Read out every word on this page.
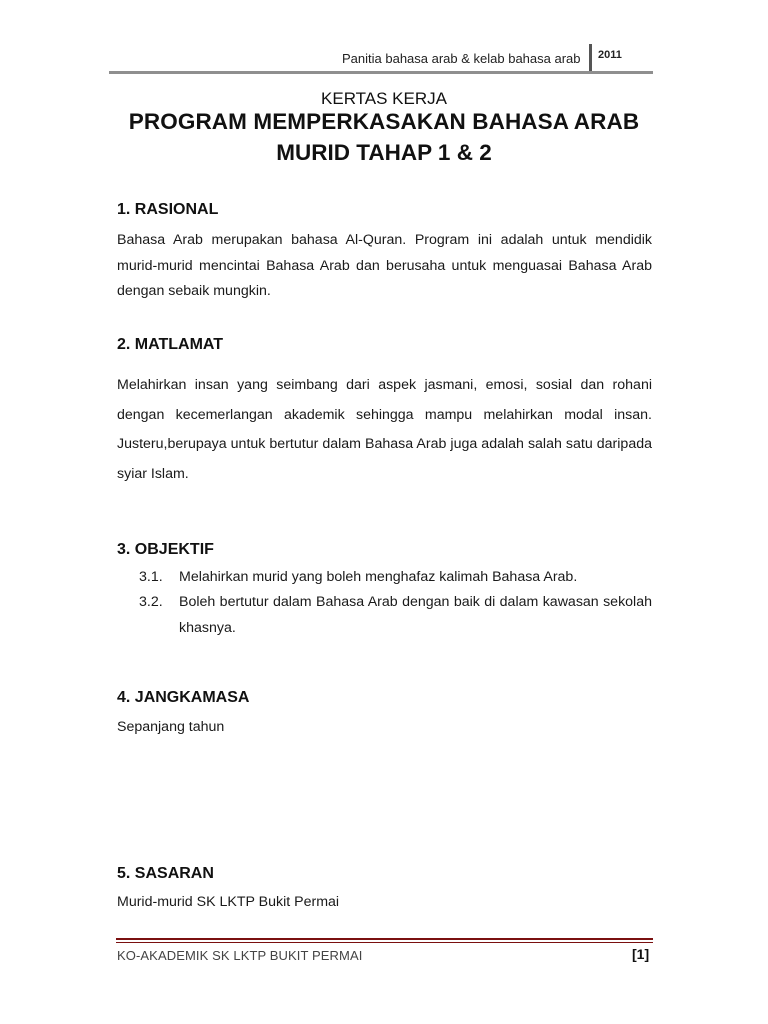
Panitia bahasa arab & kelab bahasa arab 2011
KERTAS KERJA
PROGRAM MEMPERKASAKAN BAHASA ARAB
MURID TAHAP 1 & 2
1. RASIONAL
Bahasa Arab merupakan bahasa Al-Quran. Program ini adalah untuk mendidik murid-murid mencintai Bahasa Arab dan berusaha untuk menguasai Bahasa Arab dengan sebaik mungkin.
2. MATLAMAT
Melahirkan insan yang seimbang dari aspek jasmani, emosi, sosial dan rohani dengan kecemerlangan akademik sehingga mampu melahirkan modal insan. Justeru,berupaya untuk bertutur dalam Bahasa Arab juga adalah salah satu daripada syiar Islam.
3. OBJEKTIF
3.1. Melahirkan murid yang boleh menghafaz kalimah Bahasa Arab.
3.2. Boleh bertutur dalam Bahasa Arab dengan baik di dalam kawasan sekolah khasnya.
4. JANGKAMASA
Sepanjang tahun
5. SASARAN
Murid-murid SK LKTP Bukit Permai
KO-AKADEMIK SK LKTP BUKIT PERMAI	[1]
